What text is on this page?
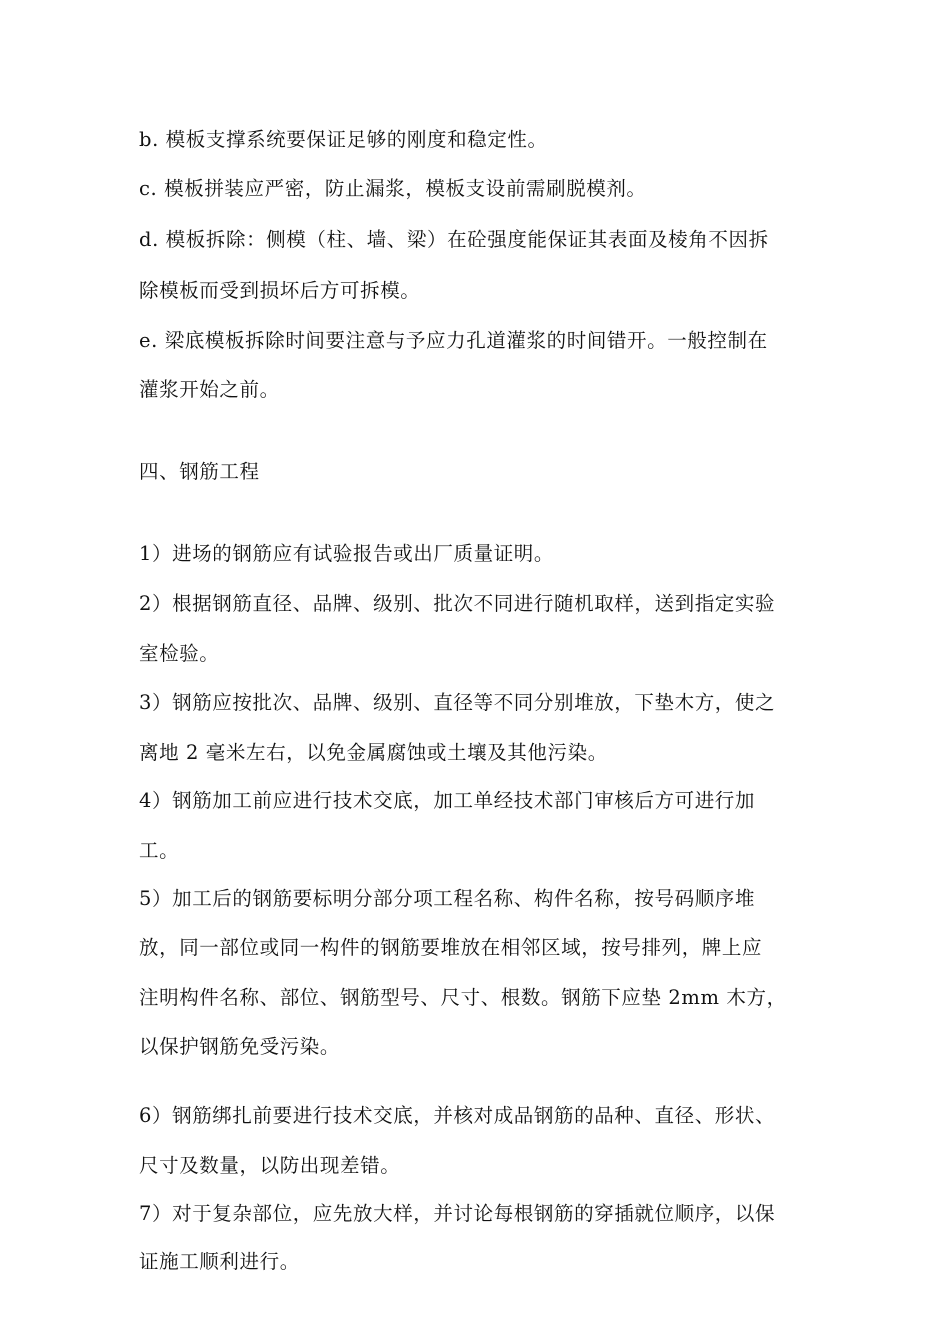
b. 模板支撑系统要保证足够的刚度和稳定性。
c. 模板拼装应严密，防止漏浆，模板支设前需刷脱模剂。
d. 模板拆除：侧模（柱、墙、梁）在砼强度能保证其表面及棱角不因拆
除模板而受到损坏后方可拆模。
e. 梁底模板拆除时间要注意与予应力孔道灌浆的时间错开。一般控制在
灌浆开始之前。
四、钢筋工程
1）进场的钢筋应有试验报告或出厂质量证明。
2）根据钢筋直径、品牌、级别、批次不同进行随机取样，送到指定实验
室检验。
3）钢筋应按批次、品牌、级别、直径等不同分别堆放，下垫木方，使之
离地 2 毫米左右，以免金属腐蚀或土壤及其他污染。
4）钢筋加工前应进行技术交底，加工单经技术部门审核后方可进行加
工。
5）加工后的钢筋要标明分部分项工程名称、构件名称，按号码顺序堆
放，同一部位或同一构件的钢筋要堆放在相邻区域，按号排列，牌上应
注明构件名称、部位、钢筋型号、尺寸、根数。钢筋下应垫 2mm 木方，
以保护钢筋免受污染。
6）钢筋绑扎前要进行技术交底，并核对成品钢筋的品种、直径、形状、
尺寸及数量，以防出现差错。
7）对于复杂部位，应先放大样，并讨论每根钢筋的穿插就位顺序，以保
证施工顺利进行。
